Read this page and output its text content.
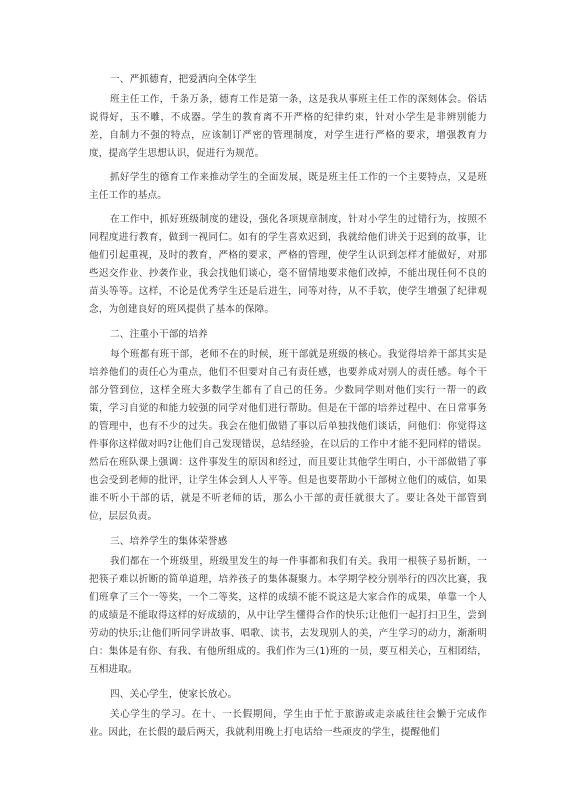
一、严抓德育，把爱洒向全体学生

班主任工作，千条万条，德育工作是第一条，这是我从事班主任工作的深刻体会。俗话说得好，玉不雕，不成器。学生的教育离不开严格的纪律约束，针对小学生是非辨别能力差，自制力不强的特点，应该制订严密的管理制度，对学生进行严格的要求，增强教育力度，提高学生思想认识，促进行为规范。

抓好学生的德育工作来推动学生的全面发展，既是班主任工作的一个主要特点，又是班主任工作的基点。

在工作中，抓好班级制度的建设，强化各项规章制度，针对小学生的过错行为，按照不同程度进行教育，做到一视同仁。如有的学生喜欢迟到，我就给他们讲关于迟到的故事，让他们引起重视，及时的教育，严格的要求，严格的管理，使学生认识到怎样才能做好，对那些迟交作业、抄袭作业，我会找他们谈心，毫不留情地要求他们改掉，不能出现任何不良的苗头等等。这样，不论是优秀学生还是后进生，同等对待，从不手软，使学生增强了纪律观念，为创建良好的班风提供了基本的保障。

二、注重小干部的培养

每个班都有班干部，老师不在的时候，班干部就是班级的核心。我觉得培养干部其实是培养他们的责任心为重点，他们不但要对自己有责任感，也要养成对别人的责任感。每个干部分管到位，这样全班大多数学生都有了自己的任务。少数同学则对他们实行一帮一的政策，学习自觉的和能力较强的同学对他们进行帮助。但是在干部的培养过程中、在日常事务的管理中，也有不少的过失。我会在他们做错了事以后单独找他们谈话，问他们：你觉得这件事你这样做对吗?让他们自己发现错误，总结经验，在以后的工作中才能不犯同样的错误。然后在班队课上强调：这件事发生的原因和经过，而且要让其他学生明白，小干部做错了事也会受到老师的批评，让学生体会到人人平等。但是也要帮助小干部树立他们的威信，如果谁不听小干部的话，就是不听老师的话，那么小干部的责任就很大了。要让各处干部管到位，层层负责。

三、培养学生的集体荣誉感

我们都在一个班级里，班级里发生的每一件事都和我们有关。我用一根筷子易折断，一把筷子难以折断的简单道理，培养孩子的集体凝聚力。本学期学校分别举行的四次比赛，我们班拿了三个一等奖，一个二等奖，这样的成绩不能不说这是大家合作的成果，单靠一个人的成绩是不能取得这样的好成绩的，从中让学生懂得合作的快乐;让他们一起打扫卫生，尝到劳动的快乐;让他们听同学讲故事、唱歌、读书，去发现别人的美，产生学习的动力，渐渐明白：集体是有你、有我、有他所组成的。我们作为三(1)班的一员，要互相关心，互相团结，互相进取。

四、关心学生，使家长放心。

关心学生的学习。在十、一长假期间，学生由于忙于旅游或走亲戚往往会懒于完成作业。因此，在长假的最后两天，我就利用晚上打电话给一些顽皮的学生，提醒他们
